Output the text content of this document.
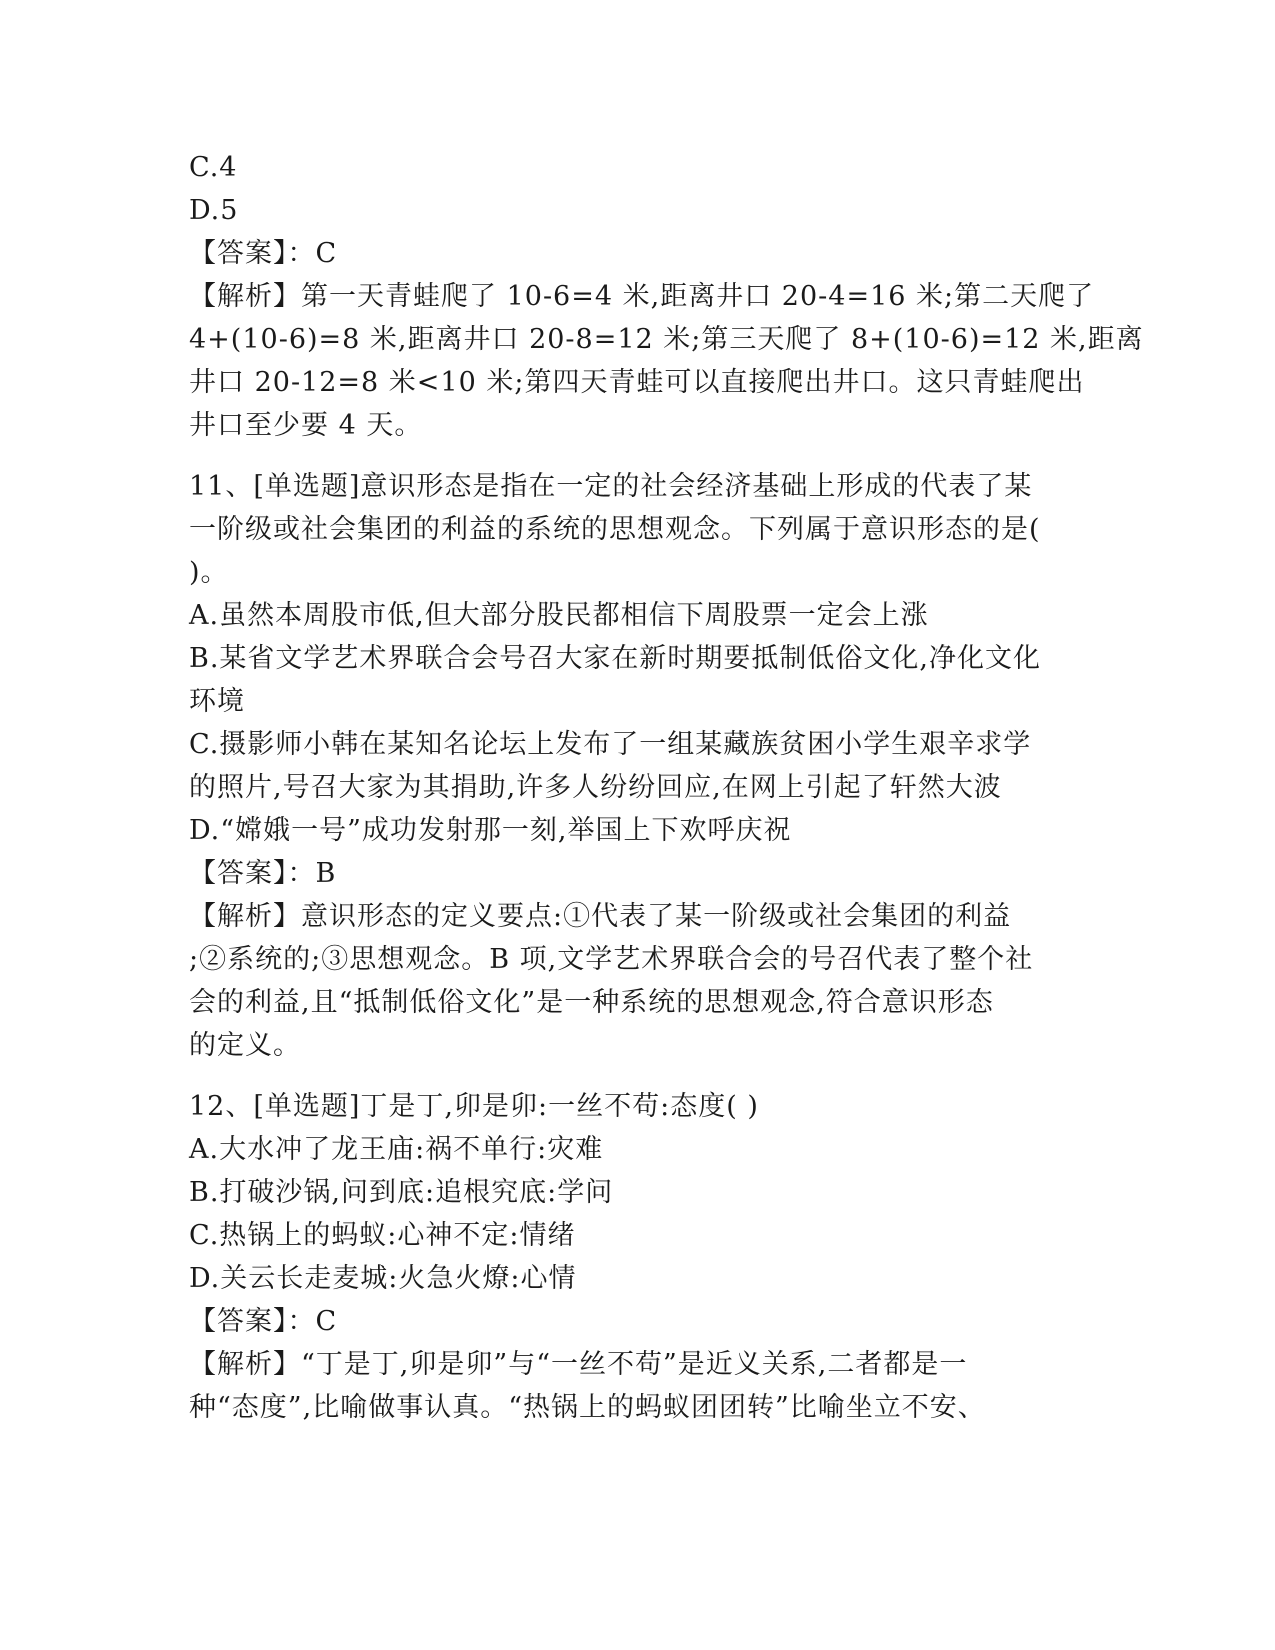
C.4
D.5
【答案】：C
【解析】第一天青蛙爬了 10-6=4 米,距离井口 20-4=16 米;第二天爬了
4+(10-6)=8 米,距离井口 20-8=12 米;第三天爬了 8+(10-6)=12 米,距离
井口 20-12=8 米<10 米;第四天青蛙可以直接爬出井口。这只青蛙爬出
井口至少要 4 天。
11、[单选题]意识形态是指在一定的社会经济基础上形成的代表了某
一阶级或社会集团的利益的系统的思想观念。下列属于意识形态的是(
)。
A.虽然本周股市低,但大部分股民都相信下周股票一定会上涨
B.某省文学艺术界联合会号召大家在新时期要抵制低俗文化,净化文化
环境
C.摄影师小韩在某知名论坛上发布了一组某藏族贫困小学生艰辛求学
的照片,号召大家为其捐助,许多人纷纷回应,在网上引起了轩然大波
D.“嫦娥一号”成功发射那一刻,举国上下欢呼庆祝
【答案】：B
【解析】意识形态的定义要点:①代表了某一阶级或社会集团的利益
;②系统的;③思想观念。B 项,文学艺术界联合会的号召代表了整个社
会的利益,且“抵制低俗文化”是一种系统的思想观念,符合意识形态
的定义。
12、[单选题]丁是丁,卯是卯:一丝不苟:态度( )
A.大水冲了龙王庙:祸不单行:灾难
B.打破沙锅,问到底:追根究底:学问
C.热锅上的蚂蚁:心神不定:情绪
D.关云长走麦城:火急火燎:心情
【答案】：C
【解析】“丁是丁,卯是卯”与“一丝不苟”是近义关系,二者都是一
种“态度”,比喻做事认真。“热锅上的蚂蚁团团转”比喻坐立不安、
